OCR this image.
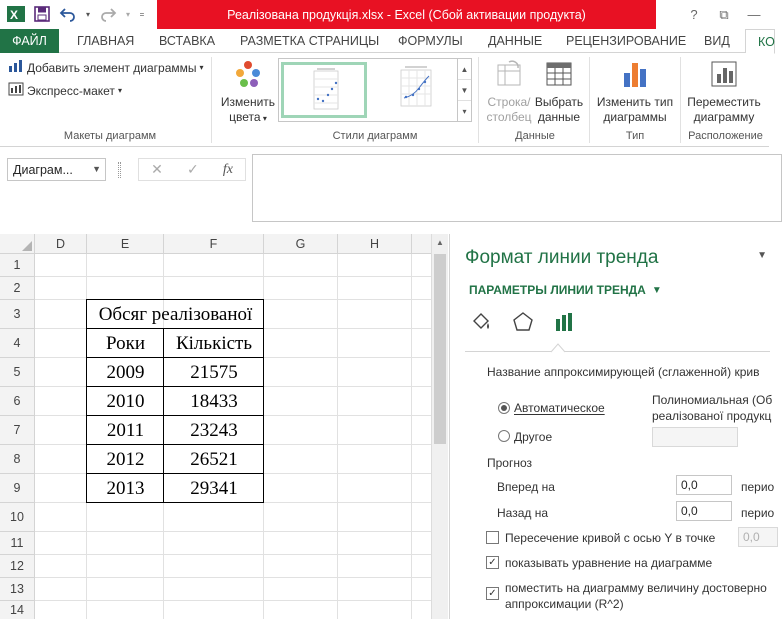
X	▾	▾ =	Реалізована продукція.xlsx - Excel (Сбой активации продукта)	?	⧉	—
ФАЙЛ	ГЛАВНАЯ ВСТАВКА РАЗМЕТКА СТРАНИЦЫ ФОРМУЛЫ ДАННЫЕ РЕЦЕНЗИРОВАНИЕ ВИД	КО
Добавить элемент диаграммы ▾
Экспресс-макет ▾
Макеты диаграмм
Изменить
цвета ▾
▲
▼
▾
Стили диаграмм
Строка/
столбец
Выбрать
данные
Данные
Изменить тип
диаграммы
Тип
Переместить
диаграмму
Расположение
Диаграм... ▼	✕ ✓ fx
D	E	F	G	H
1
2
3
4
5
6
7
8
9
10
11
12
13
14
Обсяг реалізованої
Роки	Кількість
2009	21575
2010	18433
2011	23243
2012	26521
2013	29341
▲
Формат линии тренда	▼
ПАРАМЕТРЫ ЛИНИИ ТРЕНДА ▼
Название аппроксимирующей (сглаженной) крив
Автоматическое
Полиномиальная (Об
реалізованої продукц
Другое
Прогноз
Вперед на	0,0	перио
Назад на	0,0	перио
Пересечение кривой с осью Y в точке	0,0
✓ показывать уравнение на диаграмме
✓ поместить на диаграмму величину достоверно
аппроксимации (R^2)
